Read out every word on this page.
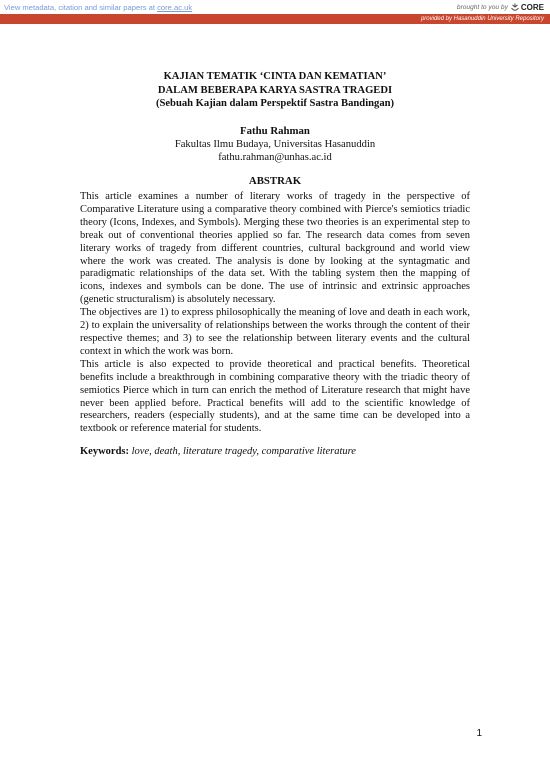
View metadata, citation and similar papers at core.ac.uk	brought to you by CORE
provided by Hasanuddin University Repository
KAJIAN TEMATIK ‘CINTA DAN KEMATIAN’
DALAM BEBERAPA KARYA SASTRA TRAGEDI
(Sebuah Kajian dalam Perspektif Sastra Bandingan)
Fathu Rahman
Fakultas Ilmu Budaya, Universitas Hasanuddin
fathu.rahman@unhas.ac.id
ABSTRAK

This article examines a number of literary works of tragedy in the perspective of Comparative Literature using a comparative theory combined with Pierce's semiotics triadic theory (Icons, Indexes, and Symbols). Merging these two theories is an experimental step to break out of conventional theories applied so far. The research data comes from seven literary works of tragedy from different countries, cultural background and world view where the work was created. The analysis is done by looking at the syntagmatic and paradigmatic relationships of the data set. With the tabling system then the mapping of icons, indexes and symbols can be done. The use of intrinsic and extrinsic approaches (genetic structuralism) is absolutely necessary.

The objectives are 1) to express philosophically the meaning of love and death in each work, 2) to explain the universality of relationships between the works through the content of their respective themes; and 3) to see the relationship between literary events and the cultural context in which the work was born.

This article is also expected to provide theoretical and practical benefits. Theoretical benefits include a breakthrough in combining comparative theory with the triadic theory of semiotics Pierce which in turn can enrich the method of Literature research that might have never been applied before. Practical benefits will add to the scientific knowledge of researchers, readers (especially students), and at the same time can be developed into a textbook or reference material for students.

Keywords: love, death, literature tragedy, comparative literature
1
